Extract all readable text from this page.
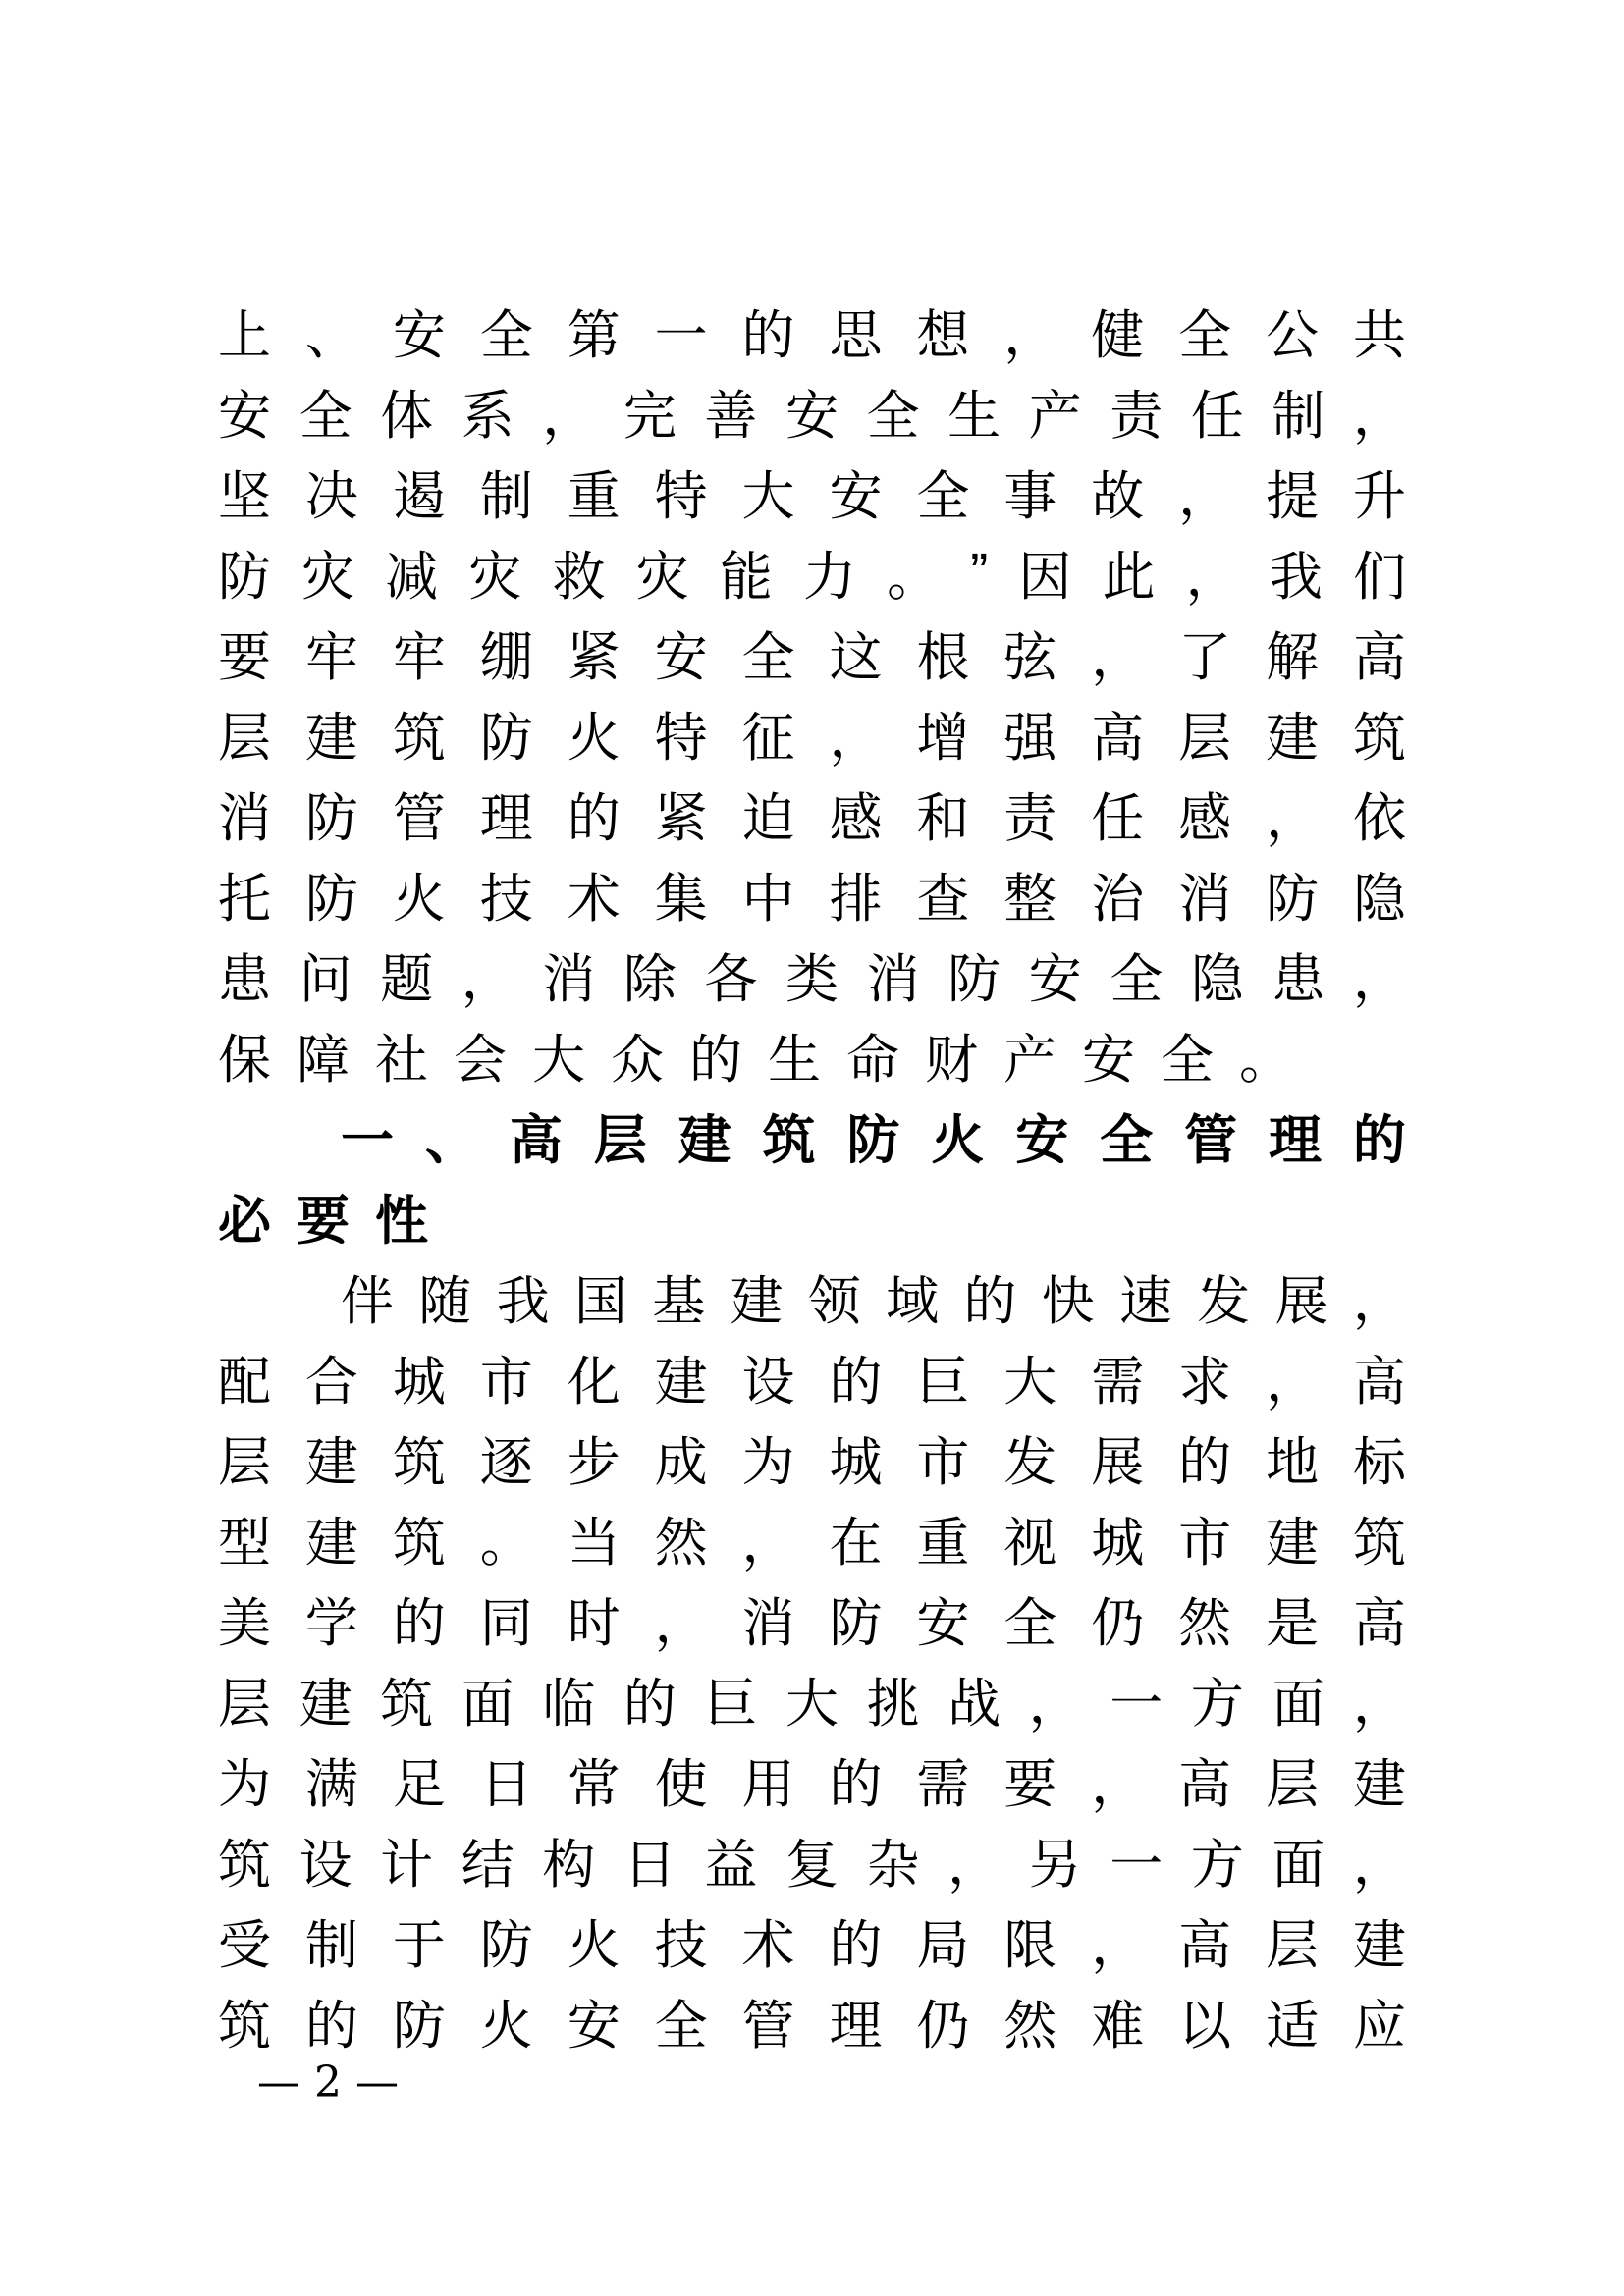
上 、 安 全 第 一 的 思 想 ， 健 全 公 共
安 全 体 系 ， 完 善 安 全 生 产 责 任 制 ，
坚 决 遏 制 重 特 大 安 全 事 故 ， 提 升
防 灾 减 灾 救 灾 能 力 。 ” 因 此 ， 我 们
要 牢 牢 绷 紧 安 全 这 根 弦 ， 了 解 高
层 建 筑 防 火 特 征 ， 增 强 高 层 建 筑
消 防 管 理 的 紧 迫 感 和 责 任 感 ， 依
托 防 火 技 术 集 中 排 查 整 治 消 防 隐
患 问 题 ， 消 除 各 类 消 防 安 全 隐 患 ，
保 障 社 会 大 众 的 生 命 财 产 安 全 。
一 、 高 层 建 筑 防 火 安 全 管 理 的
必 要 性
伴 随 我 国 基 建 领 域 的 快 速 发 展 ，
配 合 城 市 化 建 设 的 巨 大 需 求 ， 高
层 建 筑 逐 步 成 为 城 市 发 展 的 地 标
型 建 筑 。 当 然 ， 在 重 视 城 市 建 筑
美 学 的 同 时 ， 消 防 安 全 仍 然 是 高
层 建 筑 面 临 的 巨 大 挑 战 ， 一 方 面 ，
为 满 足 日 常 使 用 的 需 要 ， 高 层 建
筑 设 计 结 构 日 益 复 杂 ， 另 一 方 面 ，
受 制 于 防 火 技 术 的 局 限 ， 高 层 建
筑 的 防 火 安 全 管 理 仍 然 难 以 适 应
— 2 —
